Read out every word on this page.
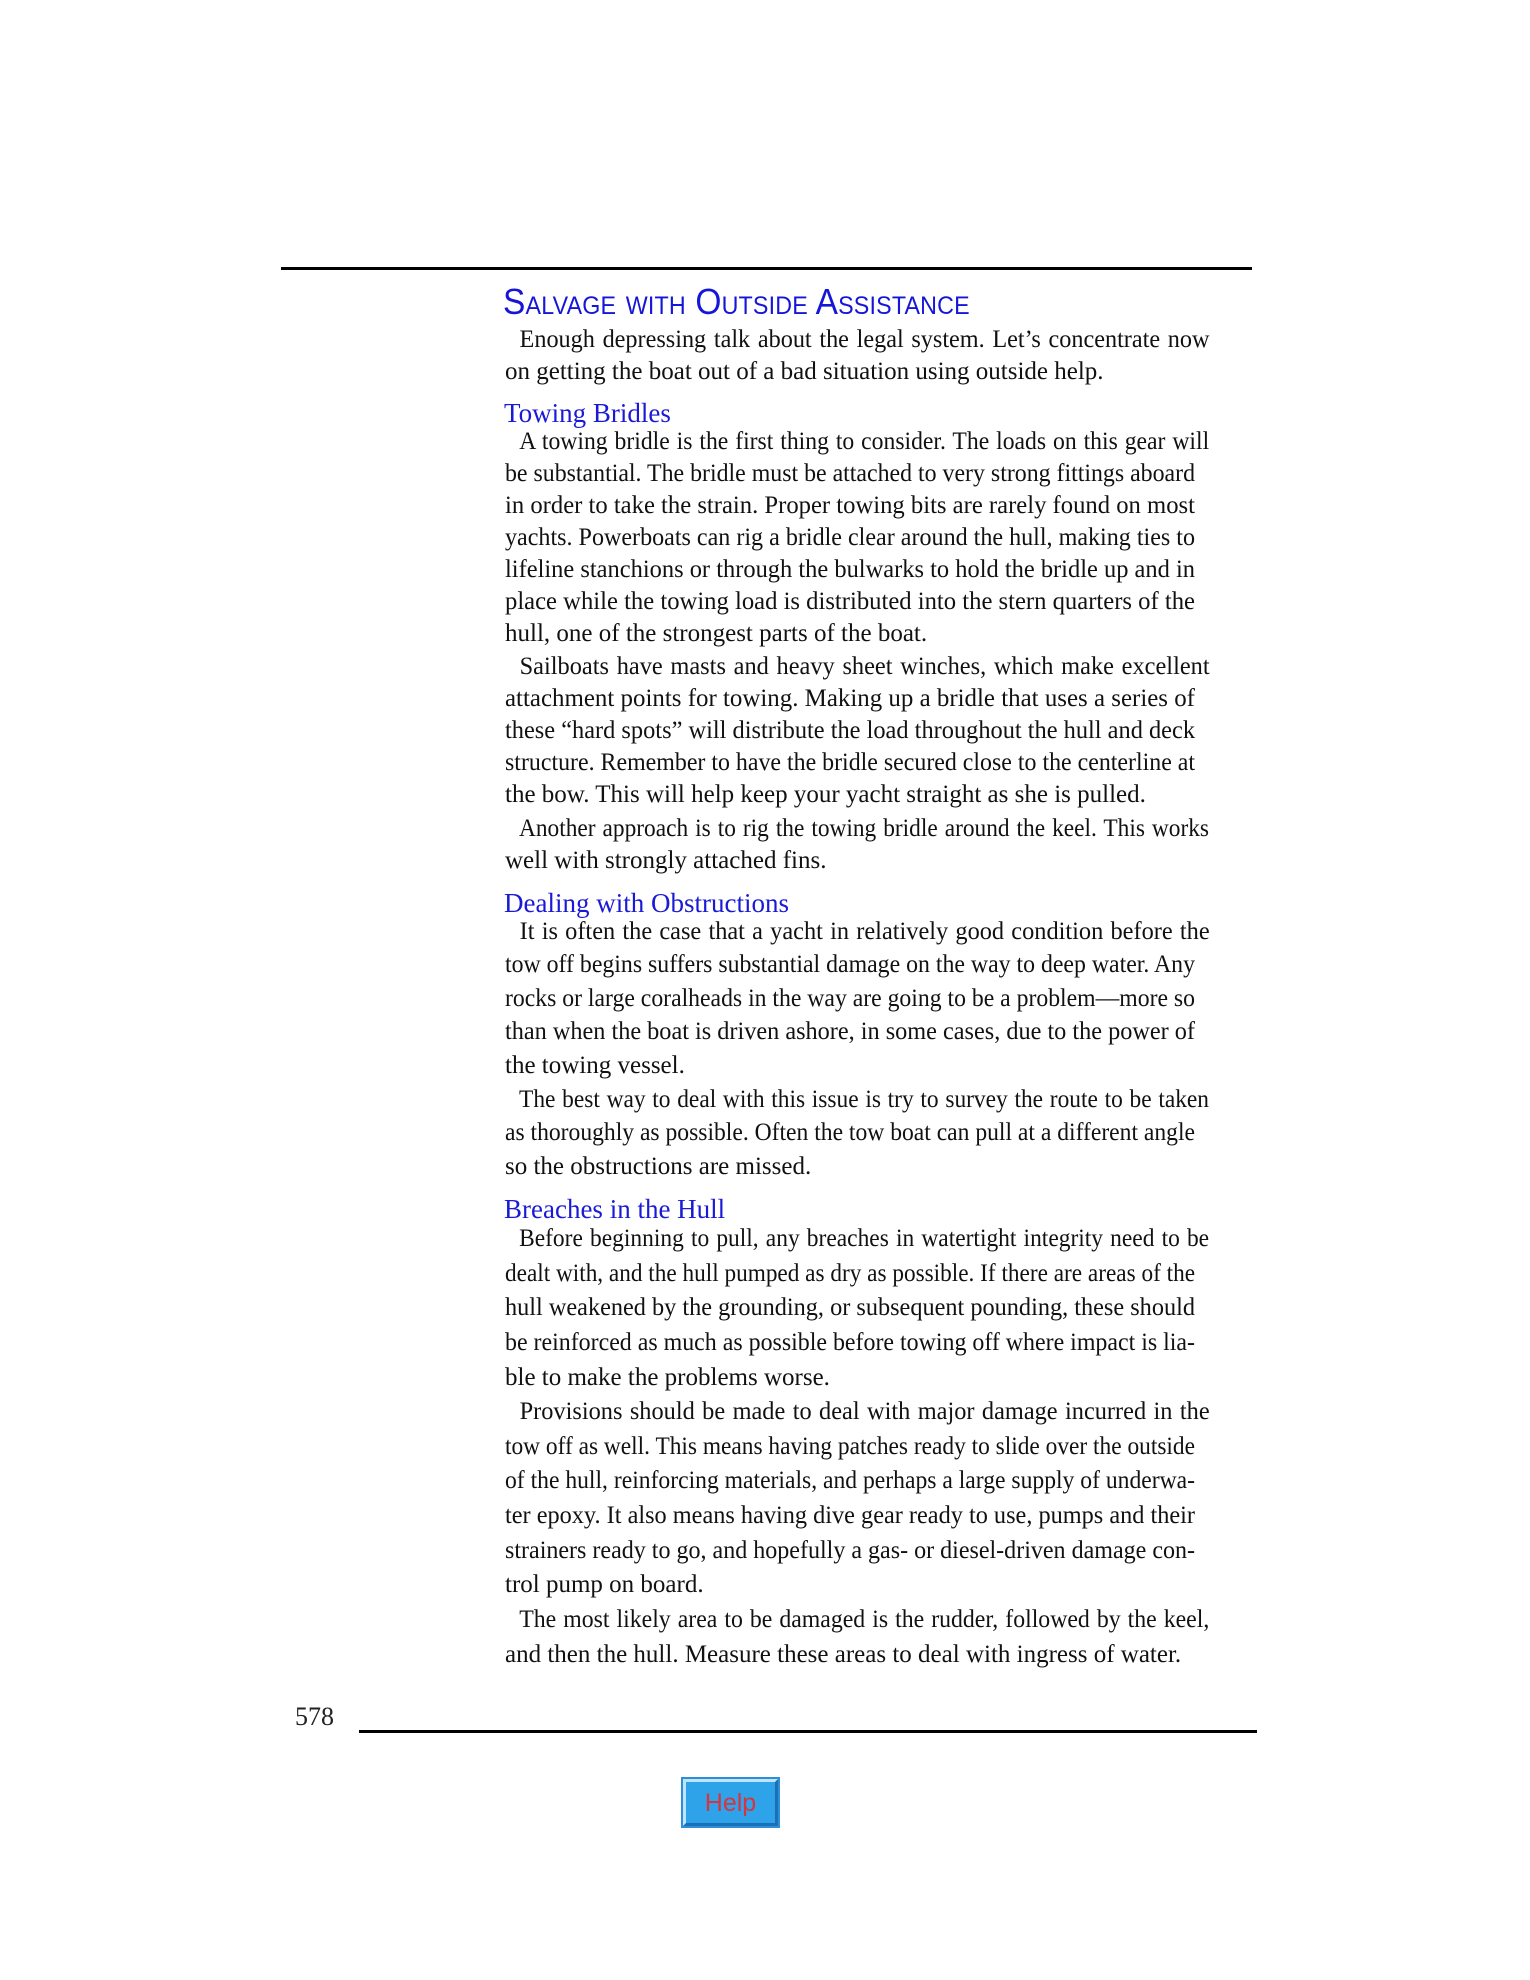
Salvage with Outside Assistance
Enough depressing talk about the legal system. Let’s concentrate now
on getting the boat out of a bad situation using outside help.
Towing Bridles
A towing bridle is the first thing to consider. The loads on this gear will
be substantial. The bridle must be attached to very strong fittings aboard
in order to take the strain. Proper towing bits are rarely found on most
yachts. Powerboats can rig a bridle clear around the hull, making ties to
lifeline stanchions or through the bulwarks to hold the bridle up and in
place while the towing load is distributed into the stern quarters of the
hull, one of the strongest parts of the boat.
Sailboats have masts and heavy sheet winches, which make excellent
attachment points for towing. Making up a bridle that uses a series of
these “hard spots” will distribute the load throughout the hull and deck
structure. Remember to have the bridle secured close to the centerline at
the bow. This will help keep your yacht straight as she is pulled.
Another approach is to rig the towing bridle around the keel. This works
well with strongly attached fins.
Dealing with Obstructions
It is often the case that a yacht in relatively good condition before the
tow off begins suffers substantial damage on the way to deep water. Any
rocks or large coralheads in the way are going to be a problem—more so
than when the boat is driven ashore, in some cases, due to the power of
the towing vessel.
The best way to deal with this issue is try to survey the route to be taken
as thoroughly as possible. Often the tow boat can pull at a different angle
so the obstructions are missed.
Breaches in the Hull
Before beginning to pull, any breaches in watertight integrity need to be
dealt with, and the hull pumped as dry as possible. If there are areas of the
hull weakened by the grounding, or subsequent pounding, these should
be reinforced as much as possible before towing off where impact is lia-
ble to make the problems worse.
Provisions should be made to deal with major damage incurred in the
tow off as well. This means having patches ready to slide over the outside
of the hull, reinforcing materials, and perhaps a large supply of underwa-
ter epoxy. It also means having dive gear ready to use, pumps and their
strainers ready to go, and hopefully a gas- or diesel-driven damage con-
trol pump on board.
The most likely area to be damaged is the rudder, followed by the keel,
and then the hull. Measure these areas to deal with ingress of water.
578
Help
